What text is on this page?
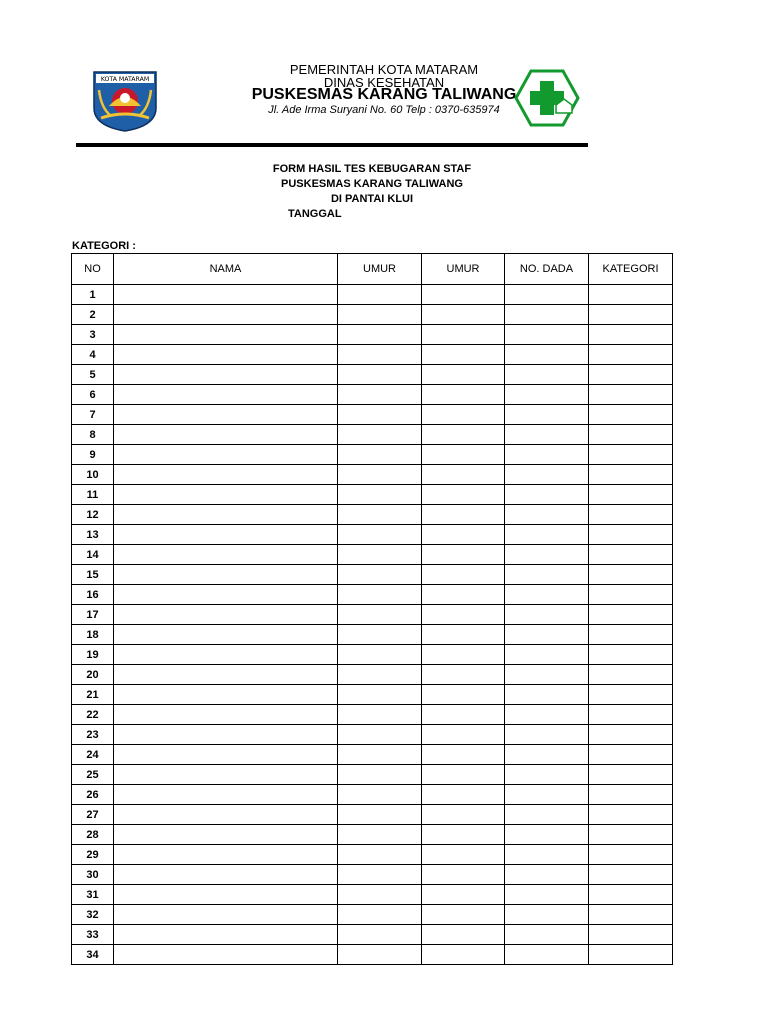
KOTA MATARAM
PEMERINTAH KOTA MATARAM
DINAS KESEHATAN
PUSKESMAS KARANG TALIWANG
Jl. Ade Irma Suryani No. 60 Telp : 0370-635974
FORM HASIL TES KEBUGARAN STAF
PUSKESMAS KARANG TALIWANG
DI PANTAI KLUI
TANGGAL
KATEGORI :
NO	NAMA	UMUR	UMUR	NO. DADA	KATEGORI
1					
2					
3					
4					
5					
6					
7					
8					
9					
10					
11					
12					
13					
14					
15					
16					
17					
18					
19					
20					
21					
22					
23					
24					
25					
26					
27					
28					
29					
30					
31					
32					
33					
34					
